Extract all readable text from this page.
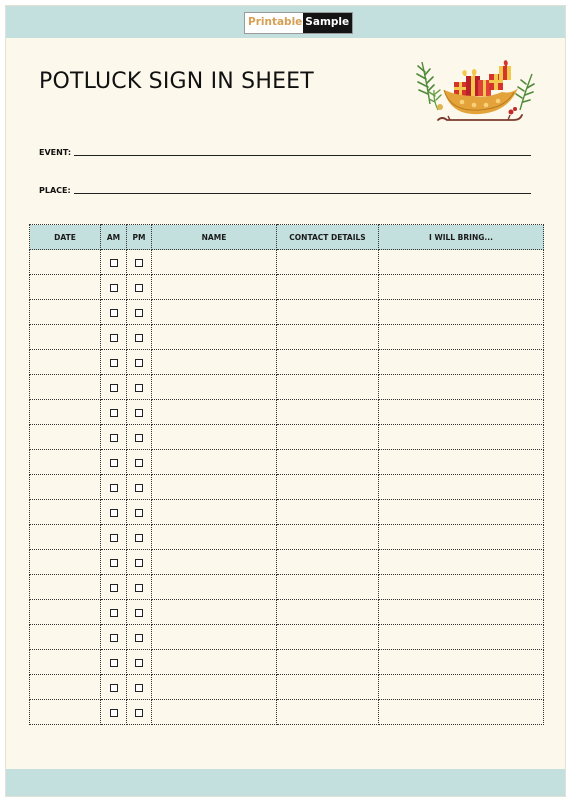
Printable Sample
POTLUCK SIGN IN SHEET
EVENT:
PLACE:
DATE	AM	PM	NAME	CONTACT DETAILS	I WILL BRING...
